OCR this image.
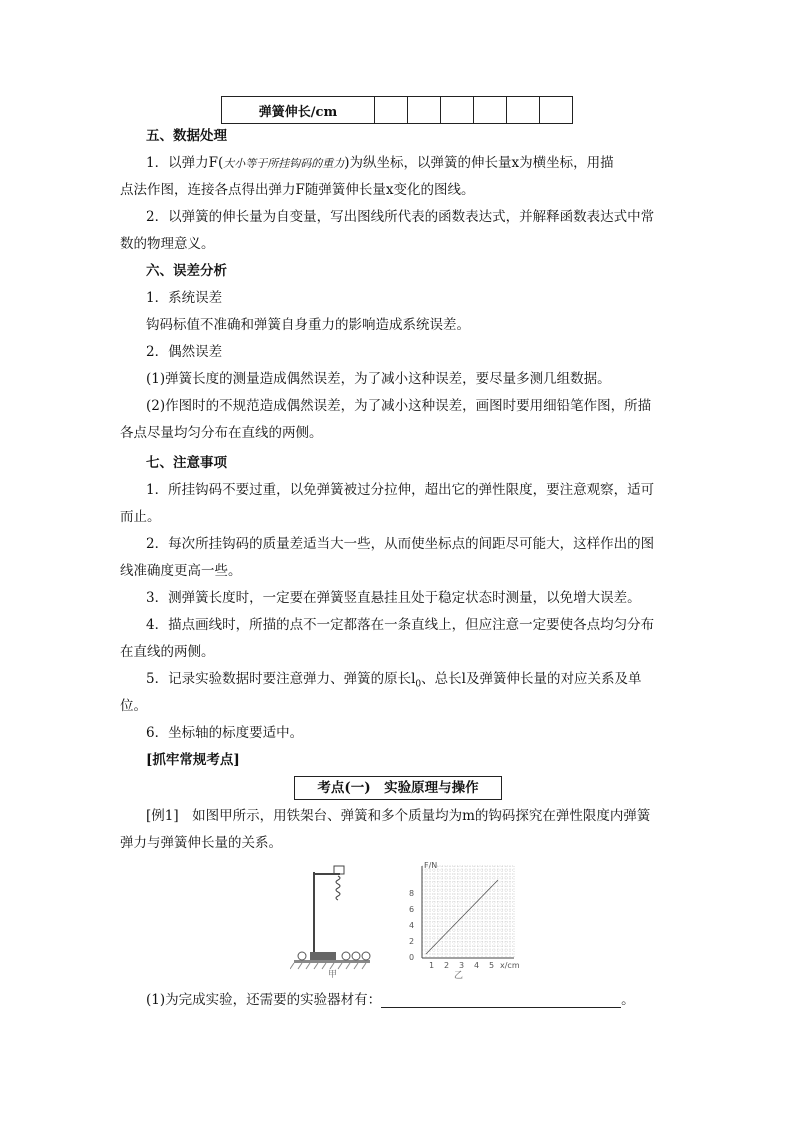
弹簧伸长/cm						
五、数据处理
1．以弹力F(大小等于所挂钩码的重力)为纵坐标，以弹簧的伸长量x为横坐标，用描
点法作图，连接各点得出弹力F随弹簧伸长量x变化的图线。
2．以弹簧的伸长量为自变量，写出图线所代表的函数表达式，并解释函数表达式中常
数的物理意义。
六、误差分析
1．系统误差
钩码标值不准确和弹簧自身重力的影响造成系统误差。
2．偶然误差
(1)弹簧长度的测量造成偶然误差，为了减小这种误差，要尽量多测几组数据。
(2)作图时的不规范造成偶然误差，为了减小这种误差，画图时要用细铅笔作图，所描
各点尽量均匀分布在直线的两侧。
七、注意事项
1．所挂钩码不要过重，以免弹簧被过分拉伸，超出它的弹性限度，要注意观察，适可
而止。
2．每次所挂钩码的质量差适当大一些，从而使坐标点的间距尽可能大，这样作出的图
线准确度更高一些。
3．测弹簧长度时，一定要在弹簧竖直悬挂且处于稳定状态时测量，以免增大误差。
4．描点画线时，所描的点不一定都落在一条直线上，但应注意一定要使各点均匀分布
在直线的两侧。
5．记录实验数据时要注意弹力、弹簧的原长$l_0$、总长l及弹簧伸长量的对应关系及单
位。
6．坐标轴的标度要适中。
[抓牢常规考点]
考点(一)　实验原理与操作
[例1]　如图甲所示，用铁架台、弹簧和多个质量均为m的钩码探究在弹性限度内弹簧
弹力与弹簧伸长量的关系。
甲
F/N
x/cm
8
6
4
2
0
1 2 3 4 5
乙
(1)为完成实验，还需要的实验器材有：	。
